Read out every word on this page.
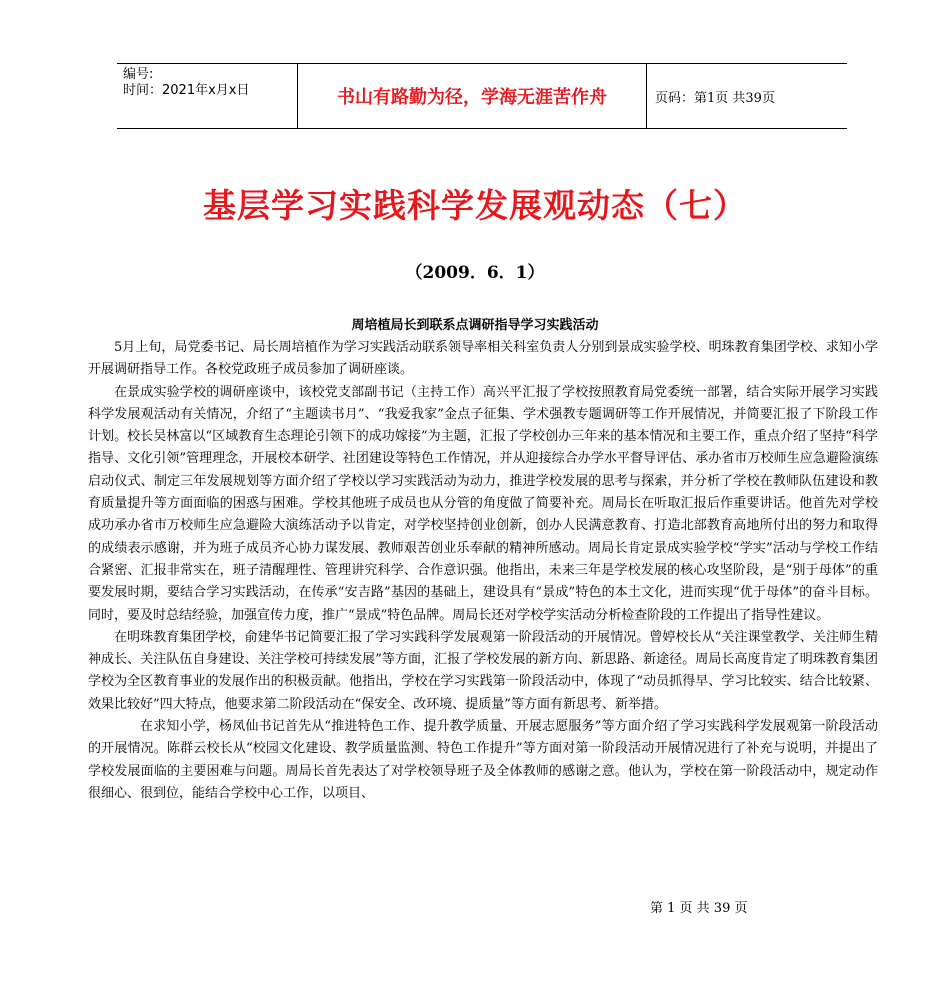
编号:
时间：2021年x月x日	书山有路勤为径，学海无涯苦作舟	页码：第1页 共39页
基层学习实践科学发展观动态（七）
（2009．6．1）
周培植局长到联系点调研指导学习实践活动

5月上旬，局党委书记、局长周培植作为学习实践活动联系领导率相关科室负责人分别到景成实验学校、明珠教育集团学校、求知小学开展调研指导工作。各校党政班子成员参加了调研座谈。

在景成实验学校的调研座谈中，该校党支部副书记（主持工作）高兴平汇报了学校按照教育局党委统一部署，结合实际开展学习实践科学发展观活动有关情况，介绍了“主题读书月”、“我爱我家”金点子征集、学术强教专题调研等工作开展情况，并简要汇报了下阶段工作计划。校长吴林富以“区域教育生态理论引领下的成功嫁接”为主题，汇报了学校创办三年来的基本情况和主要工作，重点介绍了坚持“科学指导、文化引领”管理理念，开展校本研学、社团建设等特色工作情况，并从迎接综合办学水平督导评估、承办省市万校师生应急避险演练启动仪式、制定三年发展规划等方面介绍了学校以学习实践活动为动力，推进学校发展的思考与探索，并分析了学校在教师队伍建设和教育质量提升等方面面临的困惑与困难。学校其他班子成员也从分管的角度做了简要补充。周局长在听取汇报后作重要讲话。他首先对学校成功承办省市万校师生应急避险大演练活动予以肯定，对学校坚持创业创新，创办人民满意教育、打造北部教育高地所付出的努力和取得的成绩表示感谢，并为班子成员齐心协力谋发展、教师艰苦创业乐奉献的精神所感动。周局长肯定景成实验学校“学实”活动与学校工作结合紧密、汇报非常实在，班子清醒理性、管理讲究科学、合作意识强。他指出，未来三年是学校发展的核心攻坚阶段，是“别于母体”的重要发展时期，要结合学习实践活动，在传承“安吉路”基因的基础上，建设具有“景成”特色的本土文化，进而实现“优于母体”的奋斗目标。同时，要及时总结经验，加强宣传力度，推广“景成”特色品牌。周局长还对学校学实活动分析检查阶段的工作提出了指导性建议。

在明珠教育集团学校，俞建华书记简要汇报了学习实践科学发展观第一阶段活动的开展情况。曾婷校长从“关注课堂教学、关注师生精神成长、关注队伍自身建设、关注学校可持续发展”等方面，汇报了学校发展的新方向、新思路、新途径。周局长高度肯定了明珠教育集团学校为全区教育事业的发展作出的积极贡献。他指出，学校在学习实践第一阶段活动中，体现了“动员抓得早、学习比较实、结合比较紧、效果比较好”四大特点，他要求第二阶段活动在“保安全、改环境、提质量”等方面有新思考、新举措。

在求知小学，杨凤仙书记首先从“推进特色工作、提升教学质量、开展志愿服务”等方面介绍了学习实践科学发展观第一阶段活动的开展情况。陈群云校长从“校园文化建设、教学质量监测、特色工作提升”等方面对第一阶段活动开展情况进行了补充与说明，并提出了学校发展面临的主要困难与问题。周局长首先表达了对学校领导班子及全体教师的感谢之意。他认为，学校在第一阶段活动中，规定动作很细心、很到位，能结合学校中心工作，以项目、

第 1 页 共 39 页
